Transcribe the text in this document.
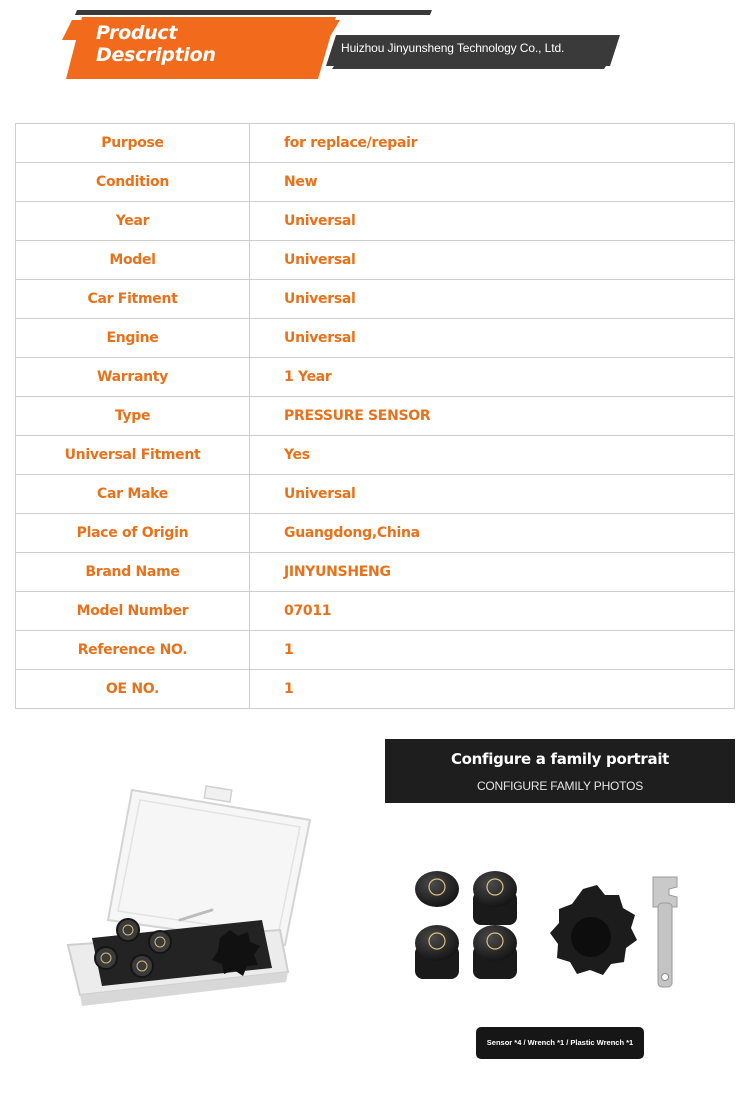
Product
Description	Huizhou Jinyunsheng Technology Co., Ltd.
Purpose	for replace/repair
Condition	New
Year	Universal
Model	Universal
Car Fitment	Universal
Engine	Universal
Warranty	1 Year
Type	PRESSURE SENSOR
Universal Fitment	Yes
Car Make	Universal
Place of Origin	Guangdong,China
Brand Name	JINYUNSHENG
Model Number	07011
Reference NO.	1
OE NO.	1
Configure a family portrait
CONFIGURE FAMILY PHOTOS
Sensor *4 / Wrench *1 / Plastic Wrench *1
